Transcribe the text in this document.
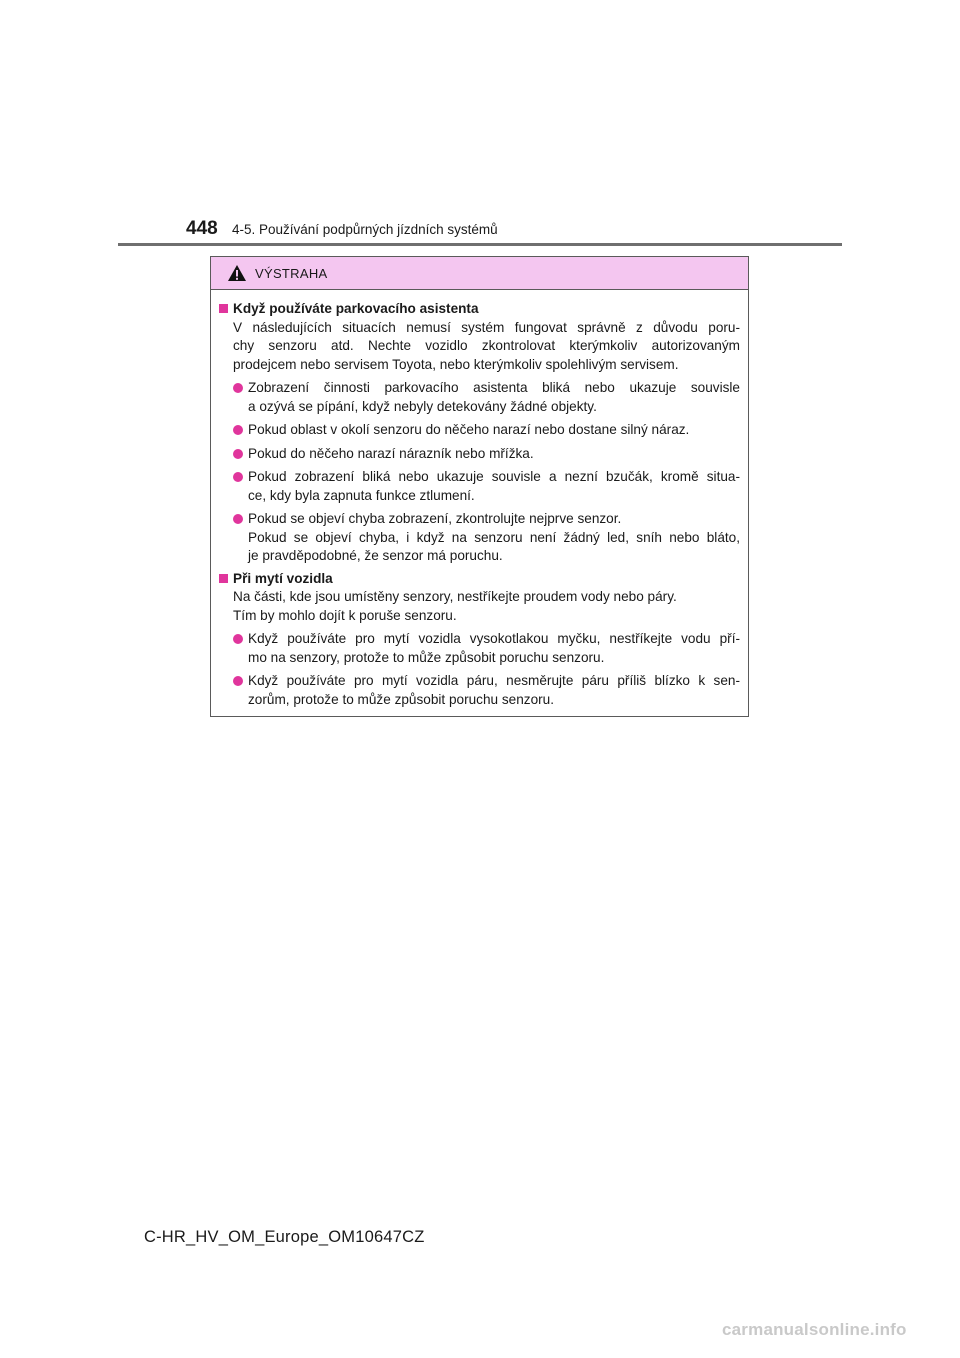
448	4-5. Používání podpůrných jízdních systémů
VÝSTRAHA
Když používáte parkovacího asistenta
V následujících situacích nemusí systém fungovat správně z důvodu poru-
chy senzoru atd. Nechte vozidlo zkontrolovat kterýmkoliv autorizovaným
prodejcem nebo servisem Toyota, nebo kterýmkoliv spolehlivým servisem.
Zobrazení činnosti parkovacího asistenta bliká nebo ukazuje souvisle
a ozývá se pípání, když nebyly detekovány žádné objekty.
Pokud oblast v okolí senzoru do něčeho narazí nebo dostane silný náraz.
Pokud do něčeho narazí nárazník nebo mřížka.
Pokud zobrazení bliká nebo ukazuje souvisle a nezní bzučák, kromě situa-
ce, kdy byla zapnuta funkce ztlumení.
Pokud se objeví chyba zobrazení, zkontrolujte nejprve senzor.
Pokud se objeví chyba, i když na senzoru není žádný led, sníh nebo bláto,
je pravděpodobné, že senzor má poruchu.
Při mytí vozidla
Na části, kde jsou umístěny senzory, nestříkejte proudem vody nebo páry.
Tím by mohlo dojít k poruše senzoru.
Když používáte pro mytí vozidla vysokotlakou myčku, nestříkejte vodu pří-
mo na senzory, protože to může způsobit poruchu senzoru.
Když používáte pro mytí vozidla páru, nesměrujte páru příliš blízko k sen-
zorům, protože to může způsobit poruchu senzoru.
C-HR_HV_OM_Europe_OM10647CZ
carmanualsonline.info
